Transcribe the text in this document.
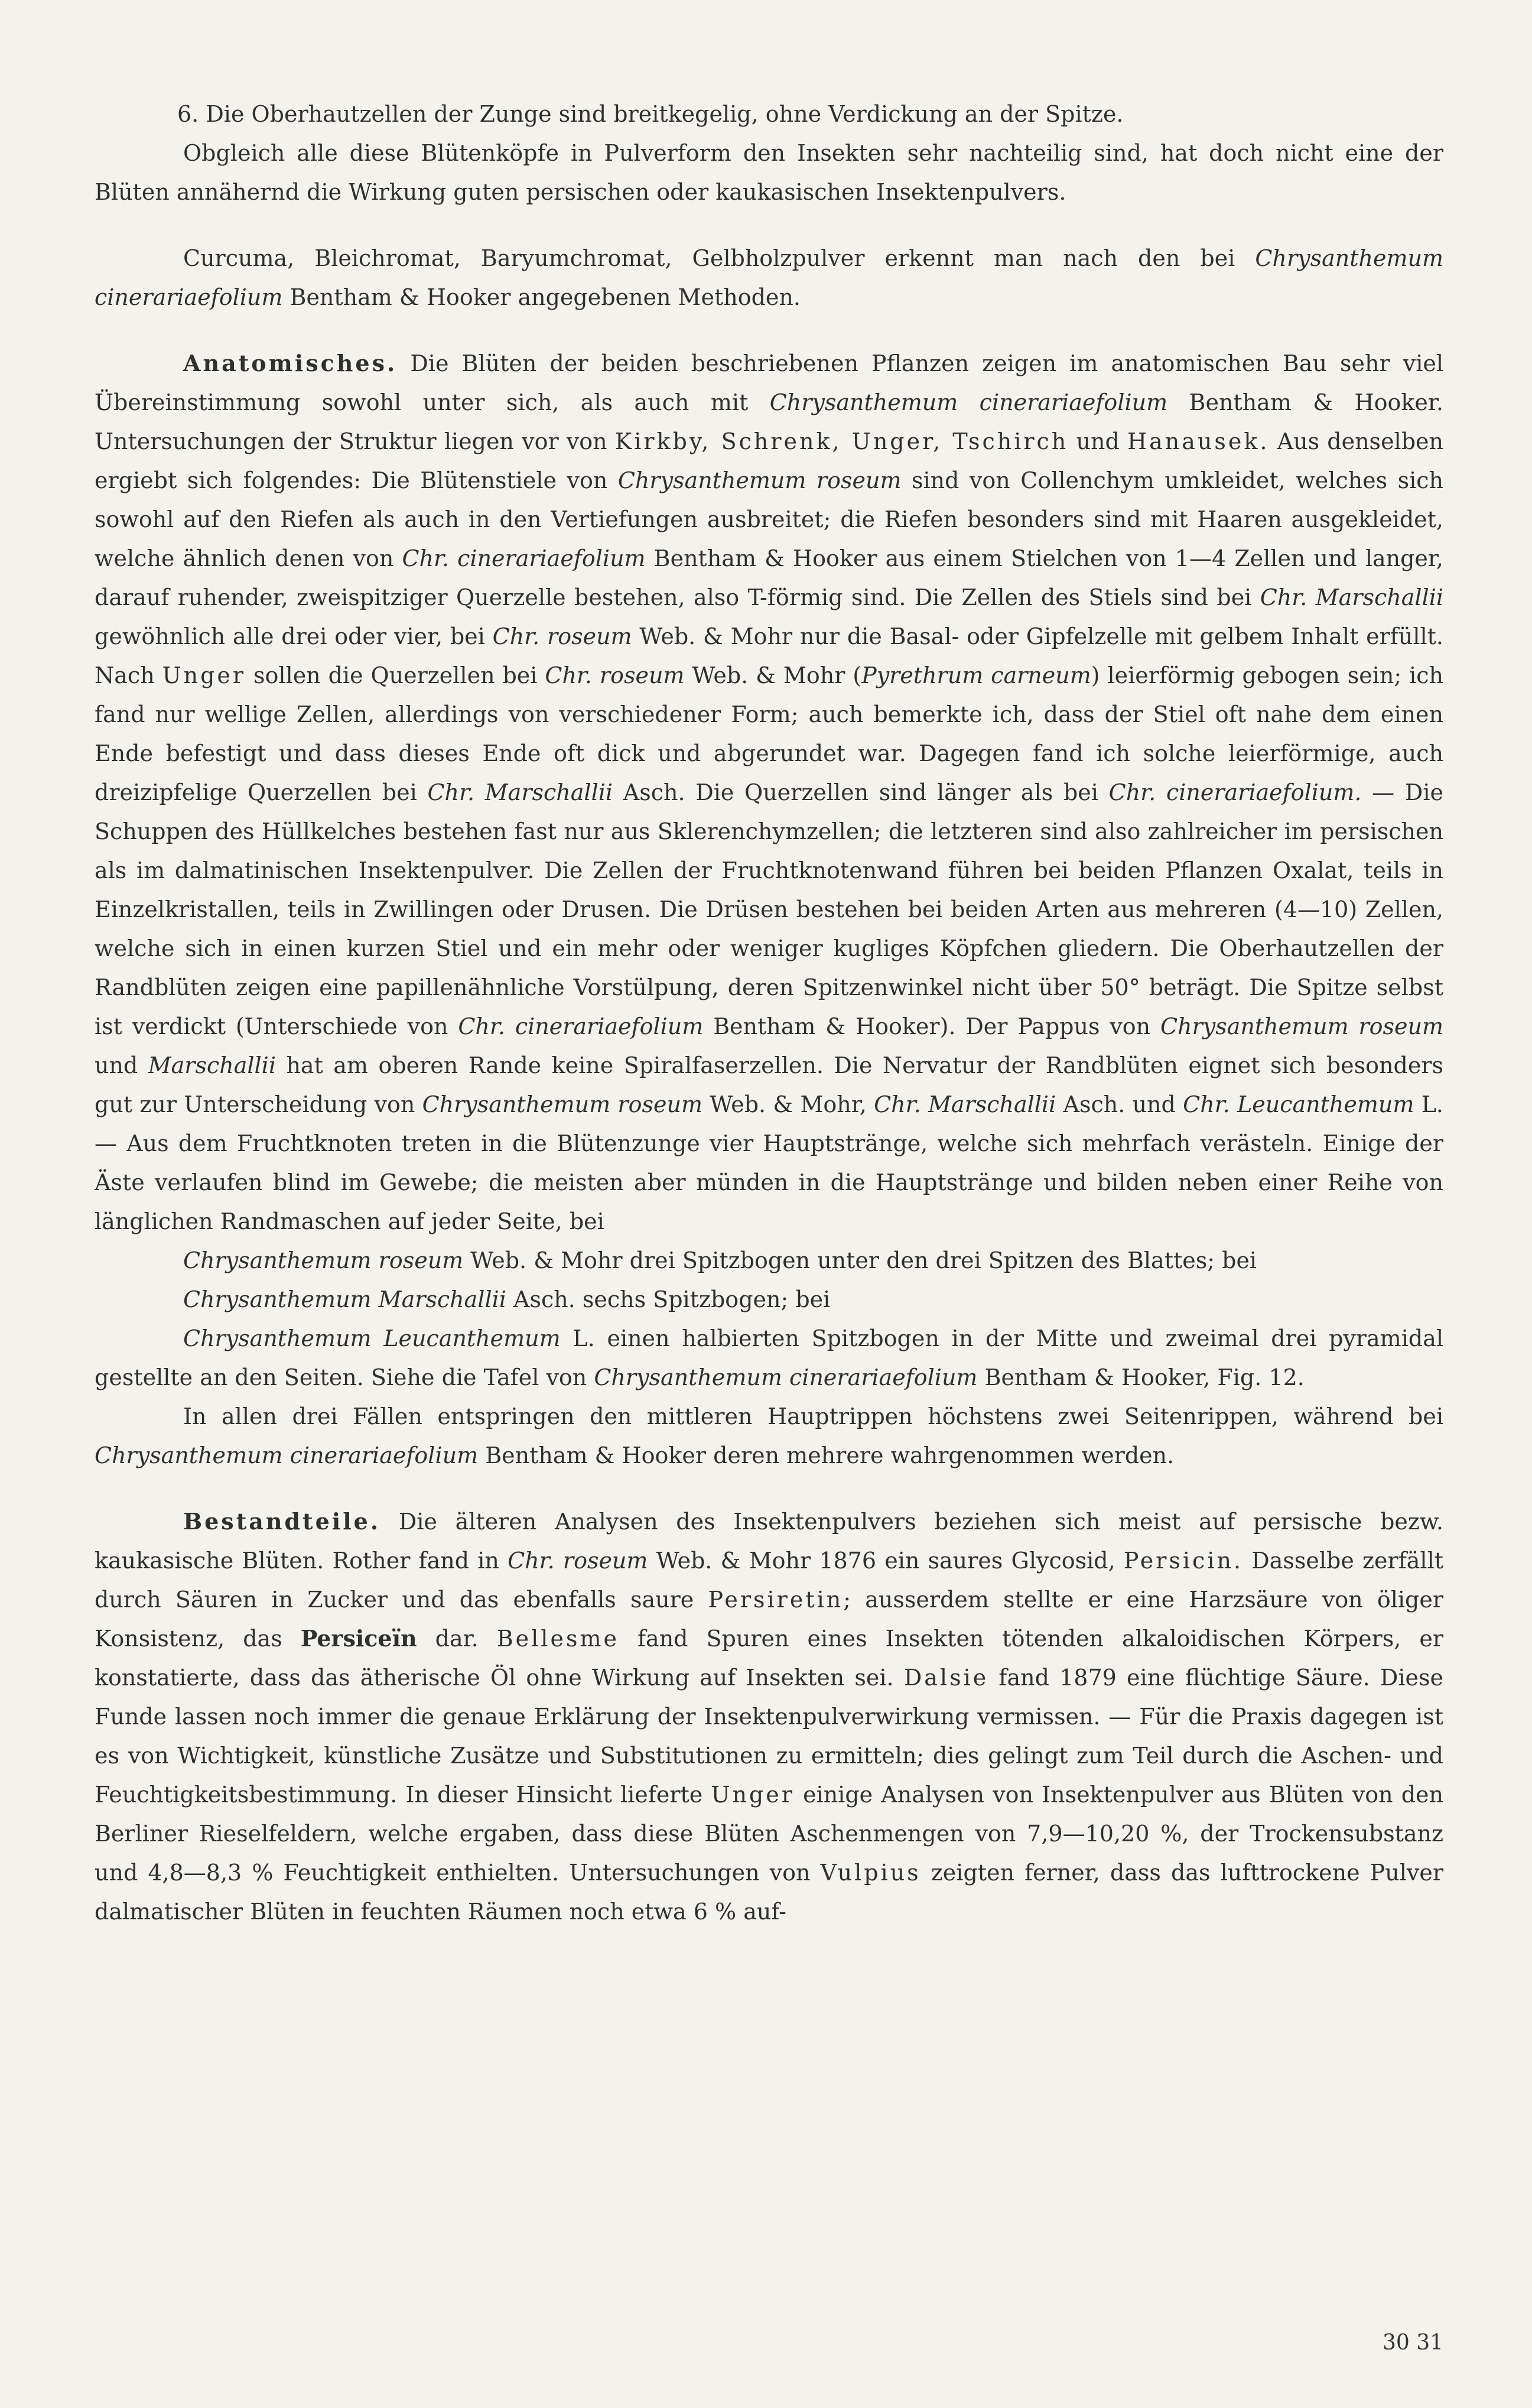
6. Die Oberhautzellen der Zunge sind breitkegelig, ohne Verdickung an der Spitze.

Obgleich alle diese Blütenköpfe in Pulverform den Insekten sehr nachteilig sind, hat doch nicht eine der Blüten annähernd die Wirkung guten persischen oder kaukasischen Insektenpulvers.

Curcuma, Bleichromat, Baryumchromat, Gelbholzpulver erkennt man nach den bei Chrysanthemum cinerariaefolium Bentham & Hooker angegebenen Methoden.

Anatomisches. Die Blüten der beiden beschriebenen Pflanzen zeigen im anatomischen Bau sehr viel Übereinstimmung sowohl unter sich, als auch mit Chrysanthemum cinerariaefolium Bentham & Hooker. Untersuchungen der Struktur liegen vor von Kirkby, Schrenk, Unger, Tschirch und Hanausek. Aus denselben ergiebt sich folgendes: Die Blütenstiele von Chrysanthemum roseum sind von Collenchym umkleidet, welches sich sowohl auf den Riefen als auch in den Vertiefungen ausbreitet; die Riefen besonders sind mit Haaren ausgekleidet, welche ähnlich denen von Chr. cinerariaefolium Bentham & Hooker aus einem Stielchen von 1—4 Zellen und langer, darauf ruhender, zweispitziger Querzelle bestehen, also T-förmig sind. Die Zellen des Stiels sind bei Chr. Marschallii gewöhnlich alle drei oder vier, bei Chr. roseum Web. & Mohr nur die Basal- oder Gipfelzelle mit gelbem Inhalt erfüllt. Nach Unger sollen die Querzellen bei Chr. roseum Web. & Mohr (Pyrethrum carneum) leierförmig gebogen sein; ich fand nur wellige Zellen, allerdings von verschiedener Form; auch bemerkte ich, dass der Stiel oft nahe dem einen Ende befestigt und dass dieses Ende oft dick und abgerundet war. Dagegen fand ich solche leierförmige, auch dreizipfelige Querzellen bei Chr. Marschallii Asch. Die Querzellen sind länger als bei Chr. cinerariaefolium. — Die Schuppen des Hüllkelches bestehen fast nur aus Sklerenchymzellen; die letzteren sind also zahlreicher im persischen als im dalmatinischen Insektenpulver. Die Zellen der Fruchtknotenwand führen bei beiden Pflanzen Oxalat, teils in Einzelkristallen, teils in Zwillingen oder Drusen. Die Drüsen bestehen bei beiden Arten aus mehreren (4—10) Zellen, welche sich in einen kurzen Stiel und ein mehr oder weniger kugliges Köpfchen gliedern. Die Oberhautzellen der Randblüten zeigen eine papillenähnliche Vorstülpung, deren Spitzenwinkel nicht über 50° beträgt. Die Spitze selbst ist verdickt (Unterschiede von Chr. cinerariaefolium Bentham & Hooker). Der Pappus von Chrysanthemum roseum und Marschallii hat am oberen Rande keine Spiralfaserzellen. Die Nervatur der Randblüten eignet sich besonders gut zur Unterscheidung von Chrysanthemum roseum Web. & Mohr, Chr. Marschallii Asch. und Chr. Leucanthemum L. — Aus dem Fruchtknoten treten in die Blütenzunge vier Hauptstränge, welche sich mehrfach verästeln. Einige der Äste verlaufen blind im Gewebe; die meisten aber münden in die Hauptstränge und bilden neben einer Reihe von länglichen Randmaschen auf jeder Seite, bei

Chrysanthemum roseum Web. & Mohr drei Spitzbogen unter den drei Spitzen des Blattes; bei

Chrysanthemum Marschallii Asch. sechs Spitzbogen; bei

Chrysanthemum Leucanthemum L. einen halbierten Spitzbogen in der Mitte und zweimal drei pyramidal gestellte an den Seiten. Siehe die Tafel von Chrysanthemum cinerariaefolium Bentham & Hooker, Fig. 12.

In allen drei Fällen entspringen den mittleren Hauptrippen höchstens zwei Seitenrippen, während bei Chrysanthemum cinerariaefolium Bentham & Hooker deren mehrere wahrgenommen werden.

Bestandteile. Die älteren Analysen des Insektenpulvers beziehen sich meist auf persische bezw. kaukasische Blüten. Rother fand in Chr. roseum Web. & Mohr 1876 ein saures Glycosid, Persicin. Dasselbe zerfällt durch Säuren in Zucker und das ebenfalls saure Persiretin; ausserdem stellte er eine Harzsäure von öliger Konsistenz, das Persiceïn dar. Bellesme fand Spuren eines Insekten tötenden alkaloidischen Körpers, er konstatierte, dass das ätherische Öl ohne Wirkung auf Insekten sei. Dalsie fand 1879 eine flüchtige Säure. Diese Funde lassen noch immer die genaue Erklärung der Insektenpulverwirkung vermissen. — Für die Praxis dagegen ist es von Wichtigkeit, künstliche Zusätze und Substitutionen zu ermitteln; dies gelingt zum Teil durch die Aschen- und Feuchtigkeitsbestimmung. In dieser Hinsicht lieferte Unger einige Analysen von Insektenpulver aus Blüten von den Berliner Rieselfeldern, welche ergaben, dass diese Blüten Aschenmengen von 7,9—10,20 %, der Trockensubstanz und 4,8—8,3 % Feuchtigkeit enthielten. Untersuchungen von Vulpius zeigten ferner, dass das lufttrockene Pulver dalmatischer Blüten in feuchten Räumen noch etwa 6 % auf-

30 31
